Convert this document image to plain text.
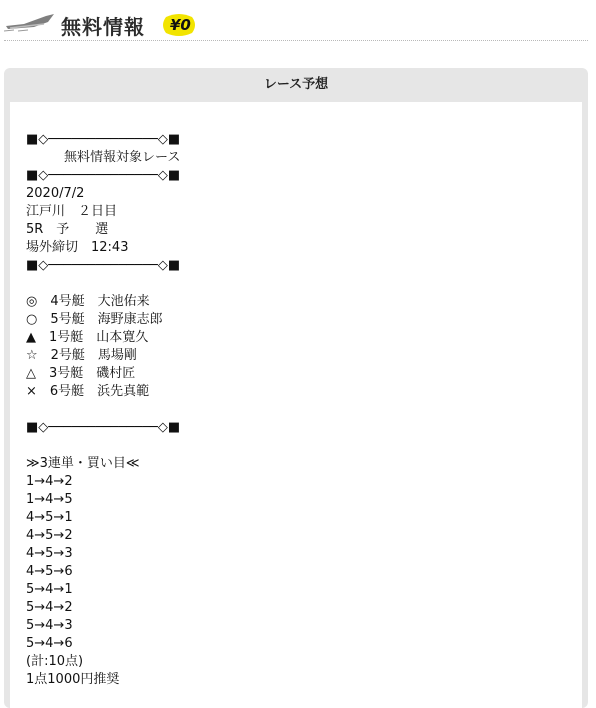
無料情報 ¥0
レース予想
■◇──────────────◇■
無料情報対象レース
■◇──────────────◇■
2020/7/2
江戸川　２日目
5R　予　　選
場外締切　12:43
■◇──────────────◇■
◎　4号艇　大池佑来
○　5号艇　海野康志郎
▲　1号艇　山本寛久
☆　2号艇　馬場剛
△　3号艇　磯村匠
×　6号艇　浜先真範
■◇──────────────◇■
≫3連単・買い目≪
1→4→2
1→4→5
4→5→1
4→5→2
4→5→3
4→5→6
5→4→1
5→4→2
5→4→3
5→4→6
(計:10点)
1点1000円推奨
